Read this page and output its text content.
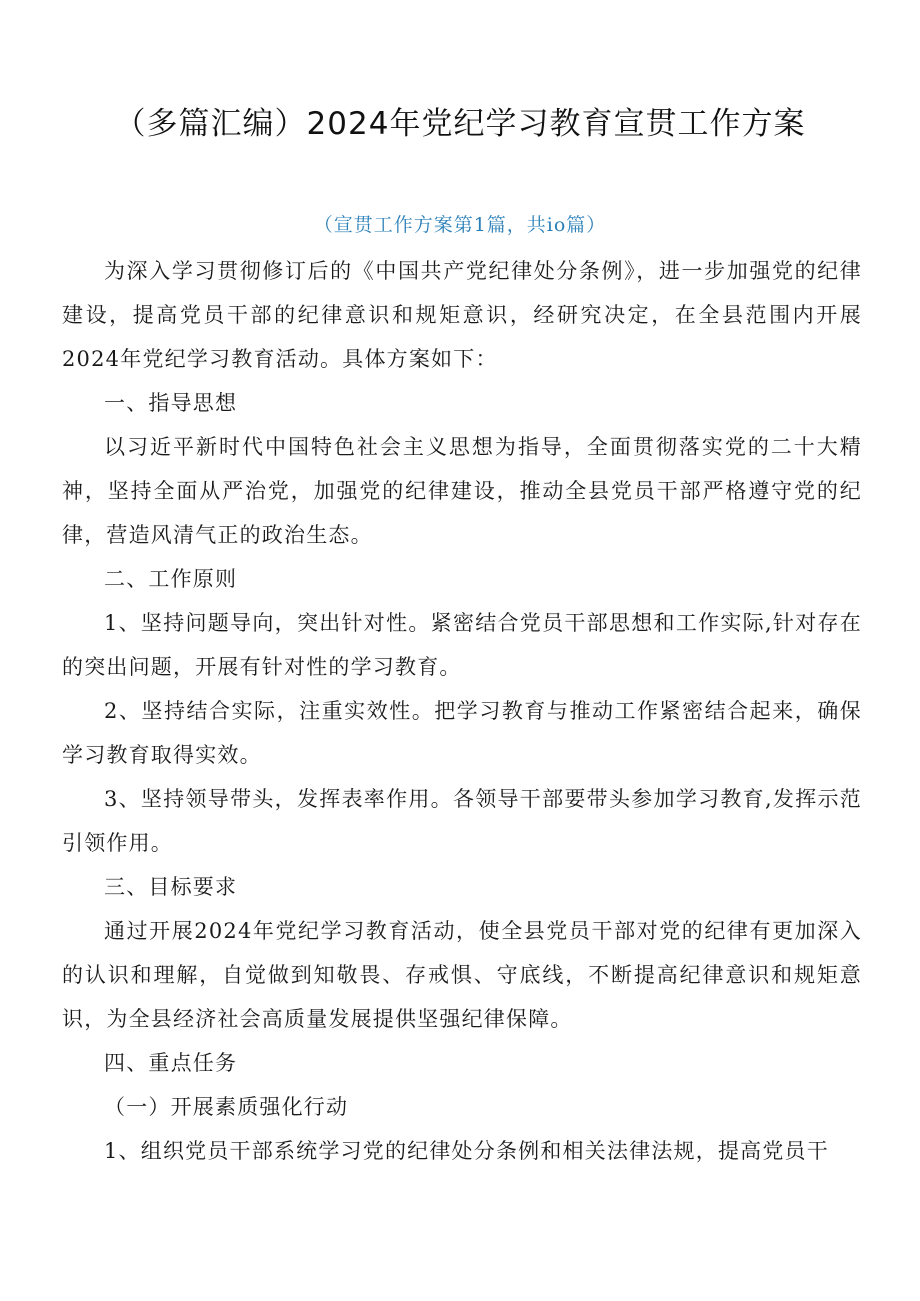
（多篇汇编）2024年党纪学习教育宣贯工作方案
（宣贯工作方案第1篇，共io篇）

为深入学习贯彻修订后的《中国共产党纪律处分条例》，进一步加强党的纪律建设，提高党员干部的纪律意识和规矩意识，经研究决定，在全县范围内开展2024年党纪学习教育活动。具体方案如下：

一、指导思想

以习近平新时代中国特色社会主义思想为指导，全面贯彻落实党的二十大精神，坚持全面从严治党，加强党的纪律建设，推动全县党员干部严格遵守党的纪律，营造风清气正的政治生态。

二、工作原则

1、坚持问题导向，突出针对性。紧密结合党员干部思想和工作实际,针对存在的突出问题，开展有针对性的学习教育。

2、坚持结合实际，注重实效性。把学习教育与推动工作紧密结合起来，确保学习教育取得实效。

3、坚持领导带头，发挥表率作用。各领导干部要带头参加学习教育,发挥示范引领作用。

三、目标要求

通过开展2024年党纪学习教育活动，使全县党员干部对党的纪律有更加深入的认识和理解，自觉做到知敬畏、存戒惧、守底线，不断提高纪律意识和规矩意识，为全县经济社会高质量发展提供坚强纪律保障。

四、重点任务

（一）开展素质强化行动

1、组织党员干部系统学习党的纪律处分条例和相关法律法规，提高党员干
